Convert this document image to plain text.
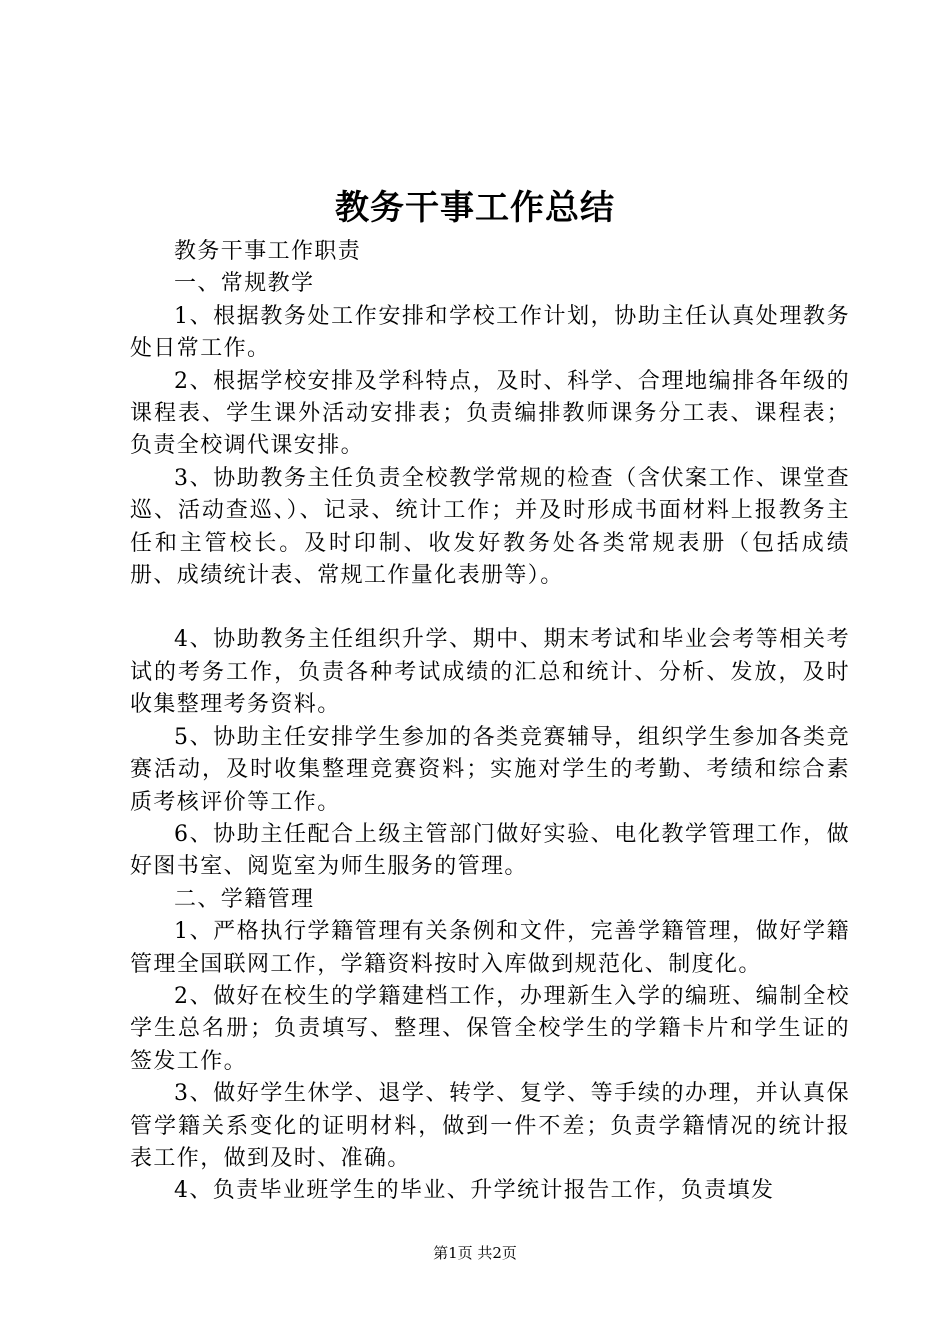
教务干事工作总结

教务干事工作职责

一、常规教学

1、根据教务处工作安排和学校工作计划，协助主任认真处理教务处日常工作。

2、根据学校安排及学科特点，及时、科学、合理地编排各年级的课程表、学生课外活动安排表；负责编排教师课务分工表、课程表；负责全校调代课安排。

3、协助教务主任负责全校教学常规的检查（含伏案工作、课堂查巡、活动查巡、）、记录、统计工作；并及时形成书面材料上报教务主任和主管校长。及时印制、收发好教务处各类常规表册（包括成绩册、成绩统计表、常规工作量化表册等）。

4、协助教务主任组织升学、期中、期末考试和毕业会考等相关考试的考务工作，负责各种考试成绩的汇总和统计、分析、发放，及时收集整理考务资料。

5、协助主任安排学生参加的各类竞赛辅导，组织学生参加各类竞赛活动，及时收集整理竞赛资料；实施对学生的考勤、考绩和综合素质考核评价等工作。

6、协助主任配合上级主管部门做好实验、电化教学管理工作，做好图书室、阅览室为师生服务的管理。

二、学籍管理

1、严格执行学籍管理有关条例和文件，完善学籍管理，做好学籍管理全国联网工作，学籍资料按时入库做到规范化、制度化。

2、做好在校生的学籍建档工作，办理新生入学的编班、编制全校学生总名册；负责填写、整理、保管全校学生的学籍卡片和学生证的签发工作。

3、做好学生休学、退学、转学、复学、等手续的办理，并认真保管学籍关系变化的证明材料，做到一件不差；负责学籍情况的统计报表工作，做到及时、准确。

4、负责毕业班学生的毕业、升学统计报告工作，负责填发

第1页 共2页
